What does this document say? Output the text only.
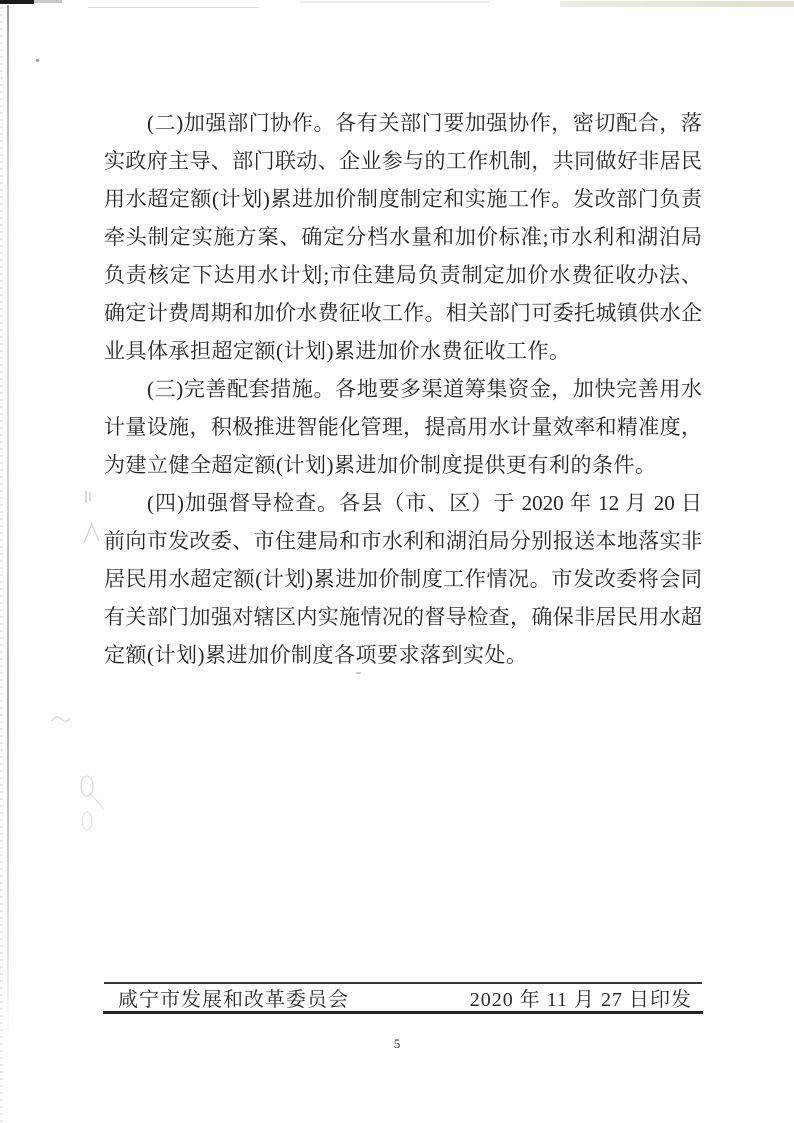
(二)加强部门协作。各有关部门要加强协作，密切配合，落

实政府主导、部门联动、企业参与的工作机制，共同做好非居民

用水超定额(计划)累进加价制度制定和实施工作。发改部门负责

牵头制定实施方案、确定分档水量和加价标准;市水利和湖泊局

负责核定下达用水计划;市住建局负责制定加价水费征收办法、

确定计费周期和加价水费征收工作。相关部门可委托城镇供水企

业具体承担超定额(计划)累进加价水费征收工作。

(三)完善配套措施。各地要多渠道筹集资金，加快完善用水

计量设施，积极推进智能化管理，提高用水计量效率和精准度，

为建立健全超定额(计划)累进加价制度提供更有利的条件。

(四)加强督导检查。各县（市、区）于 2020 年 12 月 20 日

前向市发改委、市住建局和市水利和湖泊局分别报送本地落实非

居民用水超定额(计划)累进加价制度工作情况。市发改委将会同

有关部门加强对辖区内实施情况的督导检查，确保非居民用水超

定额(计划)累进加价制度各项要求落到实处。

咸宁市发展和改革委员会	2020 年 11 月 27 日印发
5
